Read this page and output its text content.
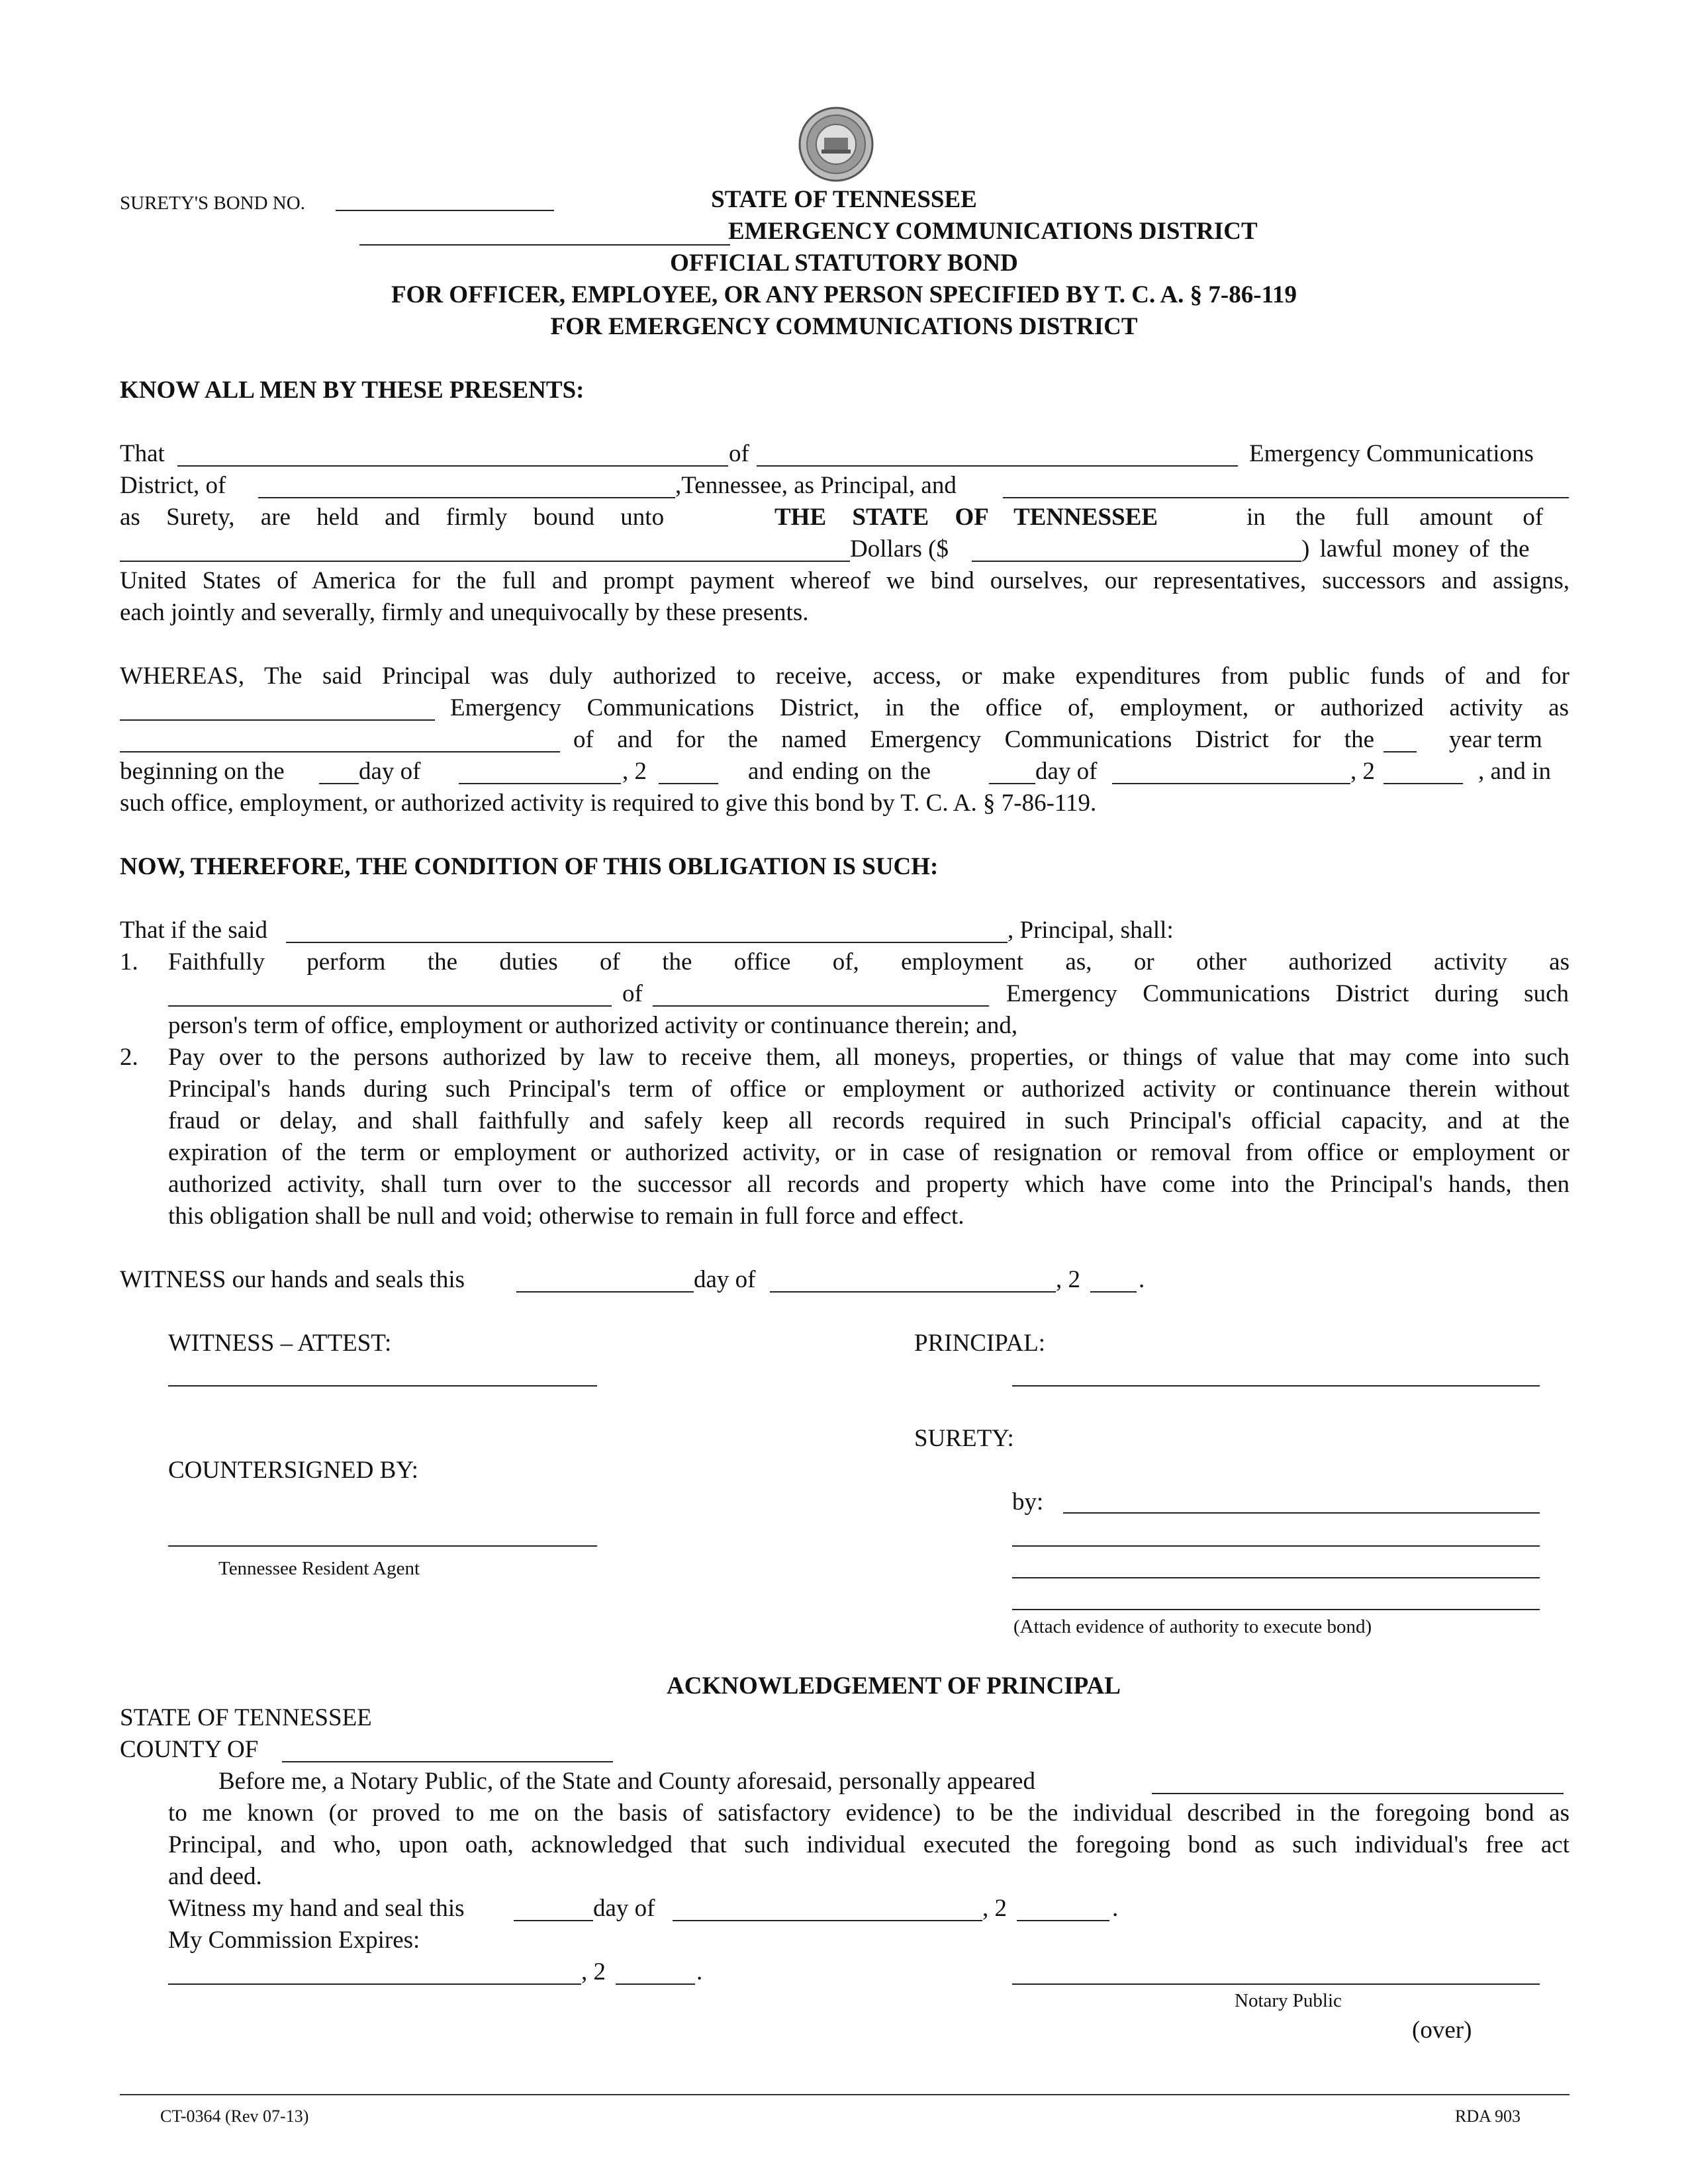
SURETY'S BOND NO.	STATE OF TENNESSEE
EMERGENCY COMMUNICATIONS DISTRICT
OFFICIAL STATUTORY BOND
FOR OFFICER, EMPLOYEE, OR ANY PERSON SPECIFIED BY T. C. A. § 7-86-119
FOR EMERGENCY COMMUNICATIONS DISTRICT
KNOW ALL MEN BY THESE PRESENTS:
That	of	Emergency Communications
District, of	,Tennessee, as Principal, and
as Surety, are held and firmly bound unto	THE STATE OF TENNESSEE	in the full amount of
Dollars ($	) lawful money of the
United States of America for the full and prompt payment whereof we bind ourselves, our representatives, successors and assigns,
each jointly and severally, firmly and unequivocally by these presents.
WHEREAS, The said Principal was duly authorized to receive, access, or make expenditures from public funds of and for
Emergency Communications District, in the office of, employment, or authorized activity as
of and for the named Emergency Communications District for the	year term
beginning on the	day of	, 2	and ending on the	day of	, 2	, and in
such office, employment, or authorized activity is required to give this bond by T. C. A. § 7-86-119.
NOW, THEREFORE, THE CONDITION OF THIS OBLIGATION IS SUCH:
That if the said	, Principal, shall:
1. Faithfully perform the duties of the office of, employment as, or other authorized activity as
of	Emergency Communications District during such
person's term of office, employment or authorized activity or continuance therein; and,
2. Pay over to the persons authorized by law to receive them, all moneys, properties, or things of value that may come into such
Principal's hands during such Principal's term of office or employment or authorized activity or continuance therein without
fraud or delay, and shall faithfully and safely keep all records required in such Principal's official capacity, and at the
expiration of the term or employment or authorized activity, or in case of resignation or removal from office or employment or
authorized activity, shall turn over to the successor all records and property which have come into the Principal's hands, then
this obligation shall be null and void; otherwise to remain in full force and effect.
WITNESS our hands and seals this	day of	, 2 .
WITNESS – ATTEST:	PRINCIPAL:
SURETY:
COUNTERSIGNED BY:
by:
Tennessee Resident Agent
(Attach evidence of authority to execute bond)
ACKNOWLEDGEMENT OF PRINCIPAL
STATE OF TENNESSEE
COUNTY OF
Before me, a Notary Public, of the State and County aforesaid, personally appeared
to me known (or proved to me on the basis of satisfactory evidence) to be the individual described in the foregoing bond as
Principal, and who, upon oath, acknowledged that such individual executed the foregoing bond as such individual's free act
and deed.
Witness my hand and seal this	day of	, 2	.
My Commission Expires:
, 2	.
Notary Public
(over)
CT-0364 (Rev 07-13)	RDA 903
